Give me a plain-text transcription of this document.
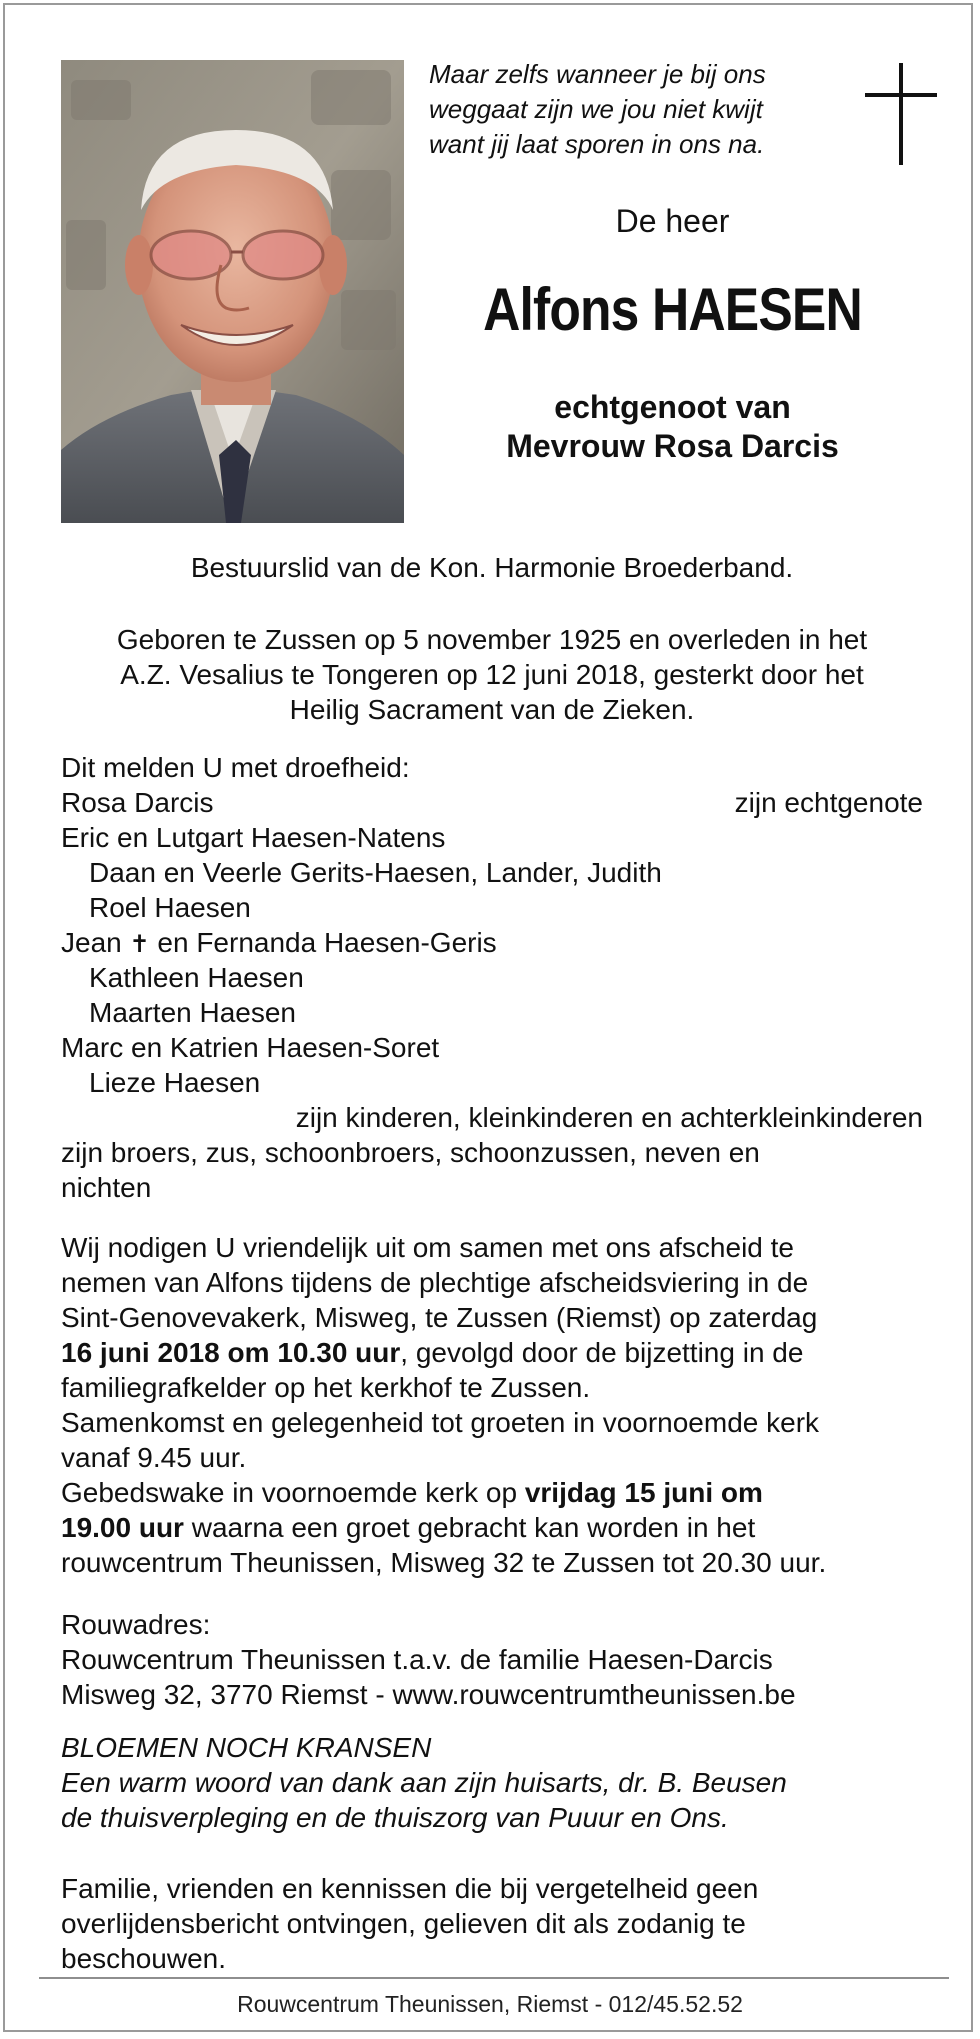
Maar zelfs wanneer je bij ons
weggaat zijn we jou niet kwijt
want jij laat sporen in ons na.
De heer
Alfons HAESEN
echtgenoot van
Mevrouw Rosa Darcis
Bestuurslid van de Kon. Harmonie Broederband.
Geboren te Zussen op 5 november 1925 en overleden in het
A.Z. Vesalius te Tongeren op 12 juni 2018, gesterkt door het
Heilig Sacrament van de Zieken.
Dit melden U met droefheid:
Rosa Darcis	zijn echtgenote
Eric en Lutgart Haesen-Natens
Daan en Veerle Gerits-Haesen, Lander, Judith
Roel Haesen
Jean ✝ en Fernanda Haesen-Geris
Kathleen Haesen
Maarten Haesen
Marc en Katrien Haesen-Soret
Lieze Haesen
zijn kinderen, kleinkinderen en achterkleinkinderen
zijn broers, zus, schoonbroers, schoonzussen, neven en
nichten
Wij nodigen U vriendelijk uit om samen met ons afscheid te
nemen van Alfons tijdens de plechtige afscheidsviering in de
Sint-Genovevakerk, Misweg, te Zussen (Riemst) op zaterdag
16 juni 2018 om 10.30 uur, gevolgd door de bijzetting in de
familiegrafkelder op het kerkhof te Zussen.
Samenkomst en gelegenheid tot groeten in voornoemde kerk
vanaf 9.45 uur.
Gebedswake in voornoemde kerk op vrijdag 15 juni om
19.00 uur waarna een groet gebracht kan worden in het
rouwcentrum Theunissen, Misweg 32 te Zussen tot 20.30 uur.
Rouwadres:
Rouwcentrum Theunissen t.a.v. de familie Haesen-Darcis
Misweg 32, 3770 Riemst - www.rouwcentrumtheunissen.be
BLOEMEN NOCH KRANSEN
Een warm woord van dank aan zijn huisarts, dr. B. Beusen
de thuisverpleging en de thuiszorg van Puuur en Ons.
Familie, vrienden en kennissen die bij vergetelheid geen
overlijdensbericht ontvingen, gelieven dit als zodanig te
beschouwen.
Rouwcentrum Theunissen, Riemst - 012/45.52.52
